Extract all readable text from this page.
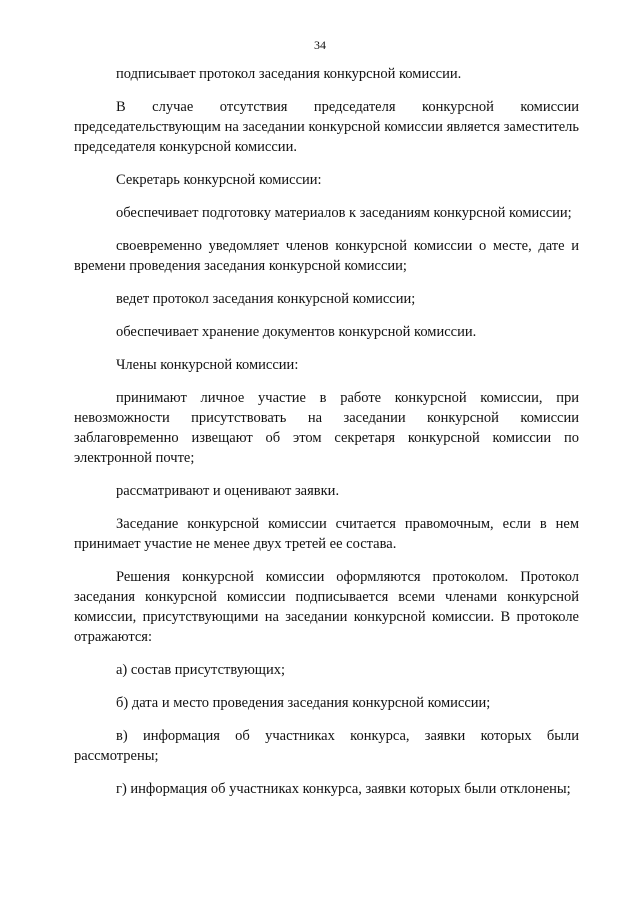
34

подписывает протокол заседания конкурсной комиссии.

В случае отсутствия председателя конкурсной комиссии председательствующим на заседании конкурсной комиссии является заместитель председателя конкурсной комиссии.

Секретарь конкурсной комиссии:

обеспечивает подготовку материалов к заседаниям конкурсной комиссии;

своевременно уведомляет членов конкурсной комиссии о месте, дате и времени проведения заседания конкурсной комиссии;

ведет протокол заседания конкурсной комиссии;

обеспечивает хранение документов конкурсной комиссии.

Члены конкурсной комиссии:

принимают личное участие в работе конкурсной комиссии, при невозможности присутствовать на заседании конкурсной комиссии заблаговременно извещают об этом секретаря конкурсной комиссии по электронной почте;

рассматривают и оценивают заявки.

Заседание конкурсной комиссии считается правомочным, если в нем принимает участие не менее двух третей ее состава.

Решения конкурсной комиссии оформляются протоколом. Протокол заседания конкурсной комиссии подписывается всеми членами конкурсной комиссии, присутствующими на заседании конкурсной комиссии. В протоколе отражаются:

а) состав присутствующих;

б) дата и место проведения заседания конкурсной комиссии;

в) информация об участниках конкурса, заявки которых были рассмотрены;

г) информация об участниках конкурса, заявки которых были отклонены;
